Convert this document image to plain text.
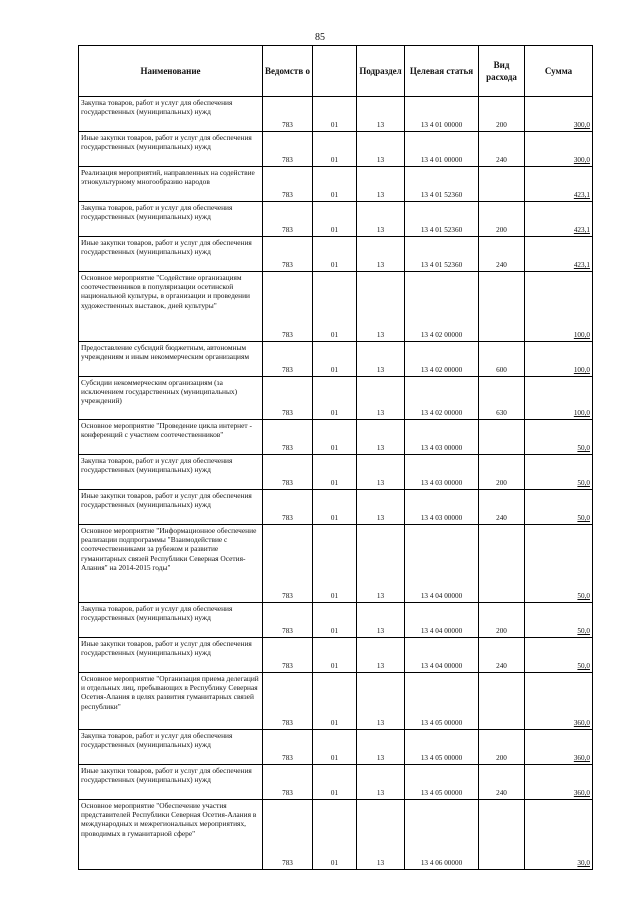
85
Наименование	Ведомств о		Подраздел	Целевая статья	Вид расхода	Сумма
Закупка товаров, работ и услуг для обеспечения государственных (муниципальных) нужд	783	01	13	13 4 01 00000	200	300,0
Иные закупки товаров, работ и услуг для обеспечения государственных (муниципальных) нужд	783	01	13	13 4 01 00000	240	300,0
Реализация мероприятий, направленных на содействие этнокультурному многообразию народов	783	01	13	13 4 01 52360		423,1
Закупка товаров, работ и услуг для обеспечения государственных (муниципальных) нужд	783	01	13	13 4 01 52360	200	423,1
Иные закупки товаров, работ и услуг для обеспечения государственных (муниципальных) нужд	783	01	13	13 4 01 52360	240	423,1
Основное мероприятие "Содействие организациям соотечественников в популяризации осетинской национальной культуры, в организации и проведении художественных выставок, дней культуры"	783	01	13	13 4 02 00000		100,0
Предоставление субсидий бюджетным, автономным учреждениям и иным некоммерческим организациям	783	01	13	13 4 02 00000	600	100,0
Субсидии некоммерческим организациям (за исключением государственных (муниципальных) учреждений)	783	01	13	13 4 02 00000	630	100,0
Основное мероприятие "Проведение цикла интернет - конференций с участием соотечественников"	783	01	13	13 4 03 00000		50,0
Закупка товаров, работ и услуг для обеспечения государственных (муниципальных) нужд	783	01	13	13 4 03 00000	200	50,0
Иные закупки товаров, работ и услуг для обеспечения государственных (муниципальных) нужд	783	01	13	13 4 03 00000	240	50,0
Основное мероприятие "Информационное обеспечение реализации подпрограммы "Взаимодействие с соотечественниками за рубежом и развитие гуманитарных связей Республики Северная Осетия-Алания" на 2014-2015 годы"	783	01	13	13 4 04 00000		50,0
Закупка товаров, работ и услуг для обеспечения государственных (муниципальных) нужд	783	01	13	13 4 04 00000	200	50,0
Иные закупки товаров, работ и услуг для обеспечения государственных (муниципальных) нужд	783	01	13	13 4 04 00000	240	50,0
Основное мероприятие "Организация приема делегаций и отдельных лиц, пребывающих в Республику Северная Осетия-Алания в целях развития гуманитарных связей республики"	783	01	13	13 4 05 00000		360,0
Закупка товаров, работ и услуг для обеспечения государственных (муниципальных) нужд	783	01	13	13 4 05 00000	200	360,0
Иные закупки товаров, работ и услуг для обеспечения государственных (муниципальных) нужд	783	01	13	13 4 05 00000	240	360,0
Основное мероприятие "Обеспечение участия представителей Республики Северная Осетия-Алания в международных и межрегиональных мероприятиях, проводимых в гуманитарной сфере"	783	01	13	13 4 06 00000		30,0
